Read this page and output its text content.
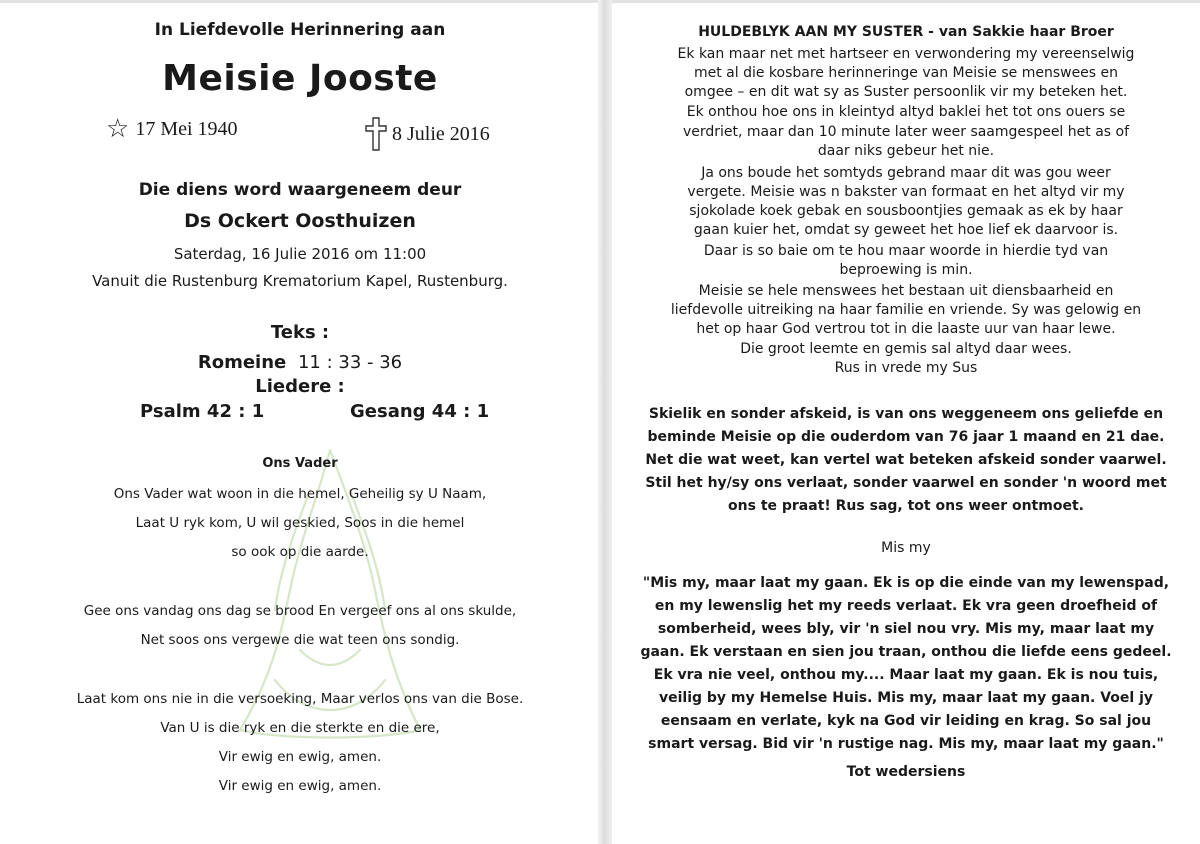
In Liefdevolle Herinnering aan
Meisie Jooste
☆ 17 Mei 1940	8 Julie 2016
Die diens word waargeneem deur
Ds Ockert Oosthuizen
Saterdag, 16 Julie 2016 om 11:00
Vanuit die Rustenburg Krematorium Kapel, Rustenburg.
Teks :
Romeine 11 : 33 - 36
Liedere :
Psalm 42 : 1	Gesang 44 : 1
Ons Vader
Ons Vader wat woon in die hemel, Geheilig sy U Naam,
Laat U ryk kom, U wil geskied, Soos in die hemel
so ook op die aarde.
Gee ons vandag ons dag se brood En vergeef ons al ons skulde,
Net soos ons vergewe die wat teen ons sondig.
Laat kom ons nie in die versoeking, Maar verlos ons van die Bose.
Van U is die ryk en die sterkte en die ere,
Vir ewig en ewig, amen.
Vir ewig en ewig, amen.
HULDEBLYK AAN MY SUSTER - van Sakkie haar Broer
Ek kan maar net met hartseer en verwondering my vereenselwig
met al die kosbare herinneringe van Meisie se menswees en
omgee – en dit wat sy as Suster persoonlik vir my beteken het.
Ek onthou hoe ons in kleintyd altyd baklei het tot ons ouers se
verdriet, maar dan 10 minute later weer saamgespeel het as of
daar niks gebeur het nie.
Ja ons boude het somtyds gebrand maar dit was gou weer
vergete. Meisie was n bakster van formaat en het altyd vir my
sjokolade koek gebak en sousboontjies gemaak as ek by haar
gaan kuier het, omdat sy geweet het hoe lief ek daarvoor is.
Daar is so baie om te hou maar woorde in hierdie tyd van
beproewing is min.
Meisie se hele menswees het bestaan uit diensbaarheid en
liefdevolle uitreiking na haar familie en vriende. Sy was gelowig en
het op haar God vertrou tot in die laaste uur van haar lewe.
Die groot leemte en gemis sal altyd daar wees.
Rus in vrede my Sus
Skielik en sonder afskeid, is van ons weggeneem ons geliefde en
beminde Meisie op die ouderdom van 76 jaar 1 maand en 21 dae.
Net die wat weet, kan vertel wat beteken afskeid sonder vaarwel.
Stil het hy/sy ons verlaat, sonder vaarwel en sonder 'n woord met
ons te praat! Rus sag, tot ons weer ontmoet.
Mis my
"Mis my, maar laat my gaan. Ek is op die einde van my lewenspad,
en my lewenslig het my reeds verlaat. Ek vra geen droefheid of
somberheid, wees bly, vir 'n siel nou vry. Mis my, maar laat my
gaan. Ek verstaan en sien jou traan, onthou die liefde eens gedeel.
Ek vra nie veel, onthou my.... Maar laat my gaan. Ek is nou tuis,
veilig by my Hemelse Huis. Mis my, maar laat my gaan. Voel jy
eensaam en verlate, kyk na God vir leiding en krag. So sal jou
smart versag. Bid vir 'n rustige nag. Mis my, maar laat my gaan."
Tot wedersiens
